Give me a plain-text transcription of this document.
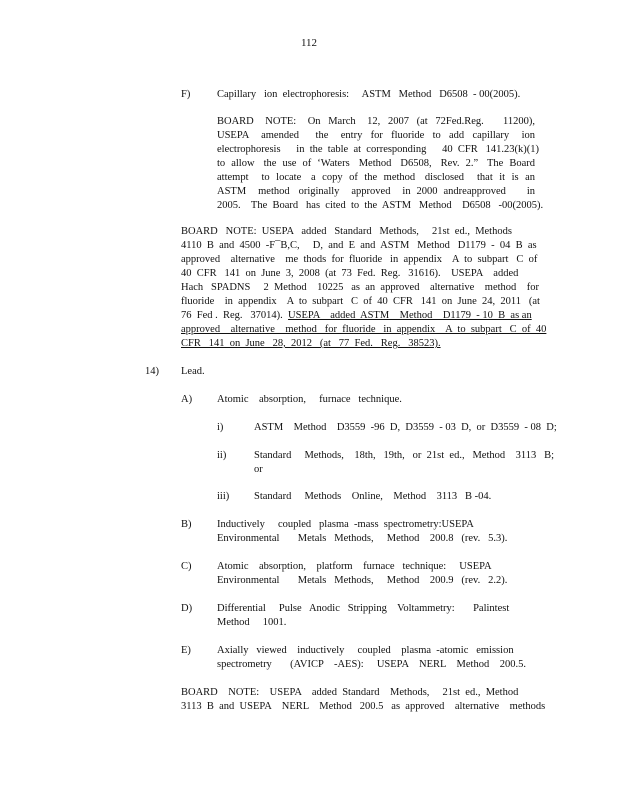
112
F)	Capillary   ion  electrophoresis:     ASTM   Method   D6508  - 00(2005).
BOARD   NOTE:   On  March   12,  2007  (at  72Fed.Reg.     11200),
USEPA   amended    the   entry  for  fluoride  to  add  capillary   ion
electrophoresis      in  the  table  at  corresponding      40  CFR   141.23(k)(1)
to  allow   the  use  of  ‘Waters   Method   D6508,   Rev.  2.”   The  Board
attempt    to  locate   a  copy  of  the  method   disclosed    that  it  is  an
ASTM    method   originally    approved    in  2000  andreapproved       in
2005.    The  Board   has  cited  to  the  ASTM   Method    D6508   -00(2005).
BOARD   NOTE:  USEPA   added   Standard   Methods,     21st  ed.,  Methods
4110  B  and  4500  -F¯B,C,     D,  and  E  and  ASTM   Method   D1179  -  04  B  as
approved    alternative    me  thods  for  fluoride   in  appendix    A  to  subpart   C  of
40  CFR   141  on  June  3,  2008  (at  73  Fed.  Reg.   31616).    USEPA    added
Hach   SPADNS     2  Method    10225   as  an  approved    alternative    method    for
fluoride    in  appendix    A  to  subpart   C  of  40  CFR   141  on  June  24,  2011   (at
76  Fed .  Reg.   37014). USEPA    added  ASTM    Method    D1179  - 10  B  as an
approved    alternative    method   for  fluoride   in  appendix    A  to  subpart   C  of  40
CFR   141  on  June   28,  2012   (at   77  Fed.   Reg.   38523).
14) Lead.
A) Atomic    absorption,     furnace   technique.
i)	ASTM    Method    D3559  -96  D,  D3559  - 03  D,  or  D3559  - 08  D;
ii)	Standard     Methods,    18th,   19th,   or  21st  ed.,   Method    3113   B;
or
iii) Standard     Methods    Online,    Method    3113   B -04.
B) Inductively     coupled   plasma  -mass  spectrometry:USEPA
Environmental       Metals   Methods,     Method    200.8   (rev.   5.3).
C) Atomic    absorption,    platform    furnace   technique:     USEPA
Environmental       Metals   Methods,     Method    200.9   (rev.   2.2).
D) Differential     Pulse   Anodic   Stripping    Voltammetry:       Palintest
Method     1001.
E) Axially   viewed    inductively     coupled    plasma  -atomic   emission
spectrometry       (AVICP    -AES):     USEPA    NERL    Method    200.5.
BOARD    NOTE:    USEPA    added  Standard    Methods,     21st  ed.,  Method
3113  B  and  USEPA    NERL    Method   200.5   as  approved    alternative    methods
